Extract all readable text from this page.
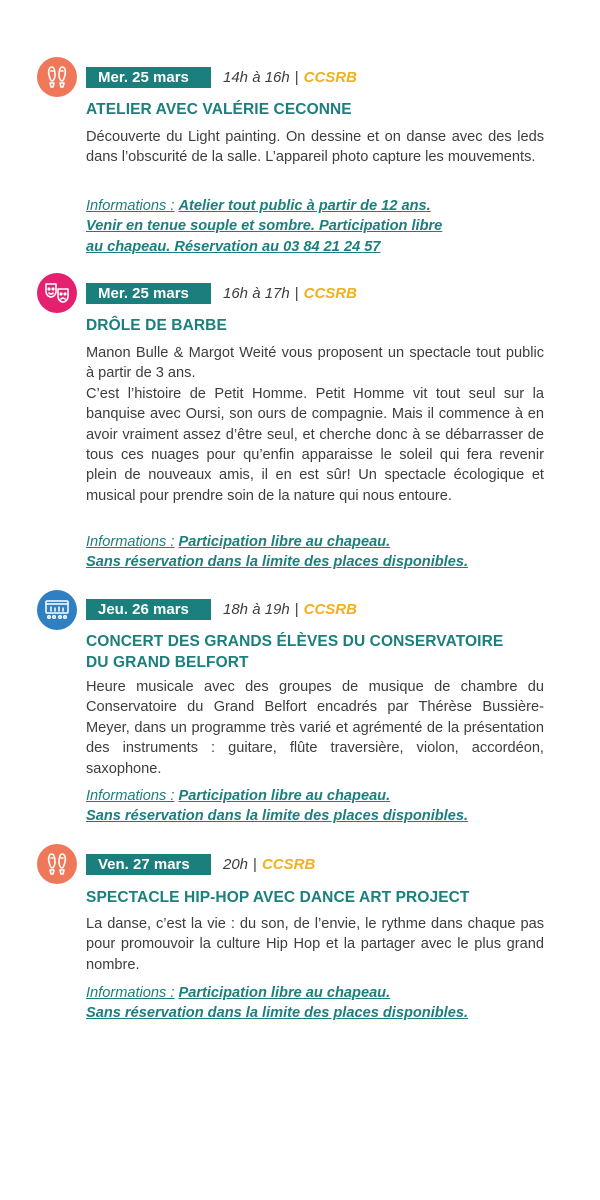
Mer. 25 mars	14h à 16h | CCSRB
ATELIER AVEC VALÉRIE CECONNE

Découverte du Light painting. On dessine et on danse avec des leds dans l’obscurité de la salle. L’appareil photo capture les mouvements.

Informations : Atelier tout public à partir de 12 ans.
Venir en tenue souple et sombre. Participation libre
au chapeau. Réservation au 03 84 21 24 57

Mer. 25 mars	16h à 17h | CCSRB
DRÔLE DE BARBE

Manon Bulle & Margot Weité vous proposent un spectacle tout public à partir de 3 ans.
C’est l’histoire de Petit Homme. Petit Homme vit tout seul sur la banquise avec Oursi, son ours de compagnie. Mais il commence à en avoir vraiment assez d’être seul, et cherche donc à se débarrasser de tous ces nuages pour qu’enfin apparaisse le soleil qui fera revenir plein de nouveaux amis, il en est sûr! Un spectacle écologique et musical pour prendre soin de la nature qui nous entoure.

Informations : Participation libre au chapeau.
Sans réservation dans la limite des places disponibles.

Jeu. 26 mars	18h à 19h | CCSRB
CONCERT DES GRANDS ÉLÈVES DU CONSERVATOIRE DU GRAND BELFORT

Heure musicale avec des groupes de musique de chambre du Conservatoire du Grand Belfort encadrés par Thérèse Bussière-Meyer, dans un programme très varié et agrémenté de la présentation des instruments : guitare, flûte traversière, violon, accordéon, saxophone.

Informations : Participation libre au chapeau.
Sans réservation dans la limite des places disponibles.

Ven. 27 mars	20h | CCSRB
SPECTACLE HIP-HOP AVEC DANCE ART PROJECT

La danse, c’est la vie : du son, de l’envie, le rythme dans chaque pas pour promouvoir la culture Hip Hop et la partager avec le plus grand nombre.

Informations : Participation libre au chapeau.
Sans réservation dans la limite des places disponibles.
